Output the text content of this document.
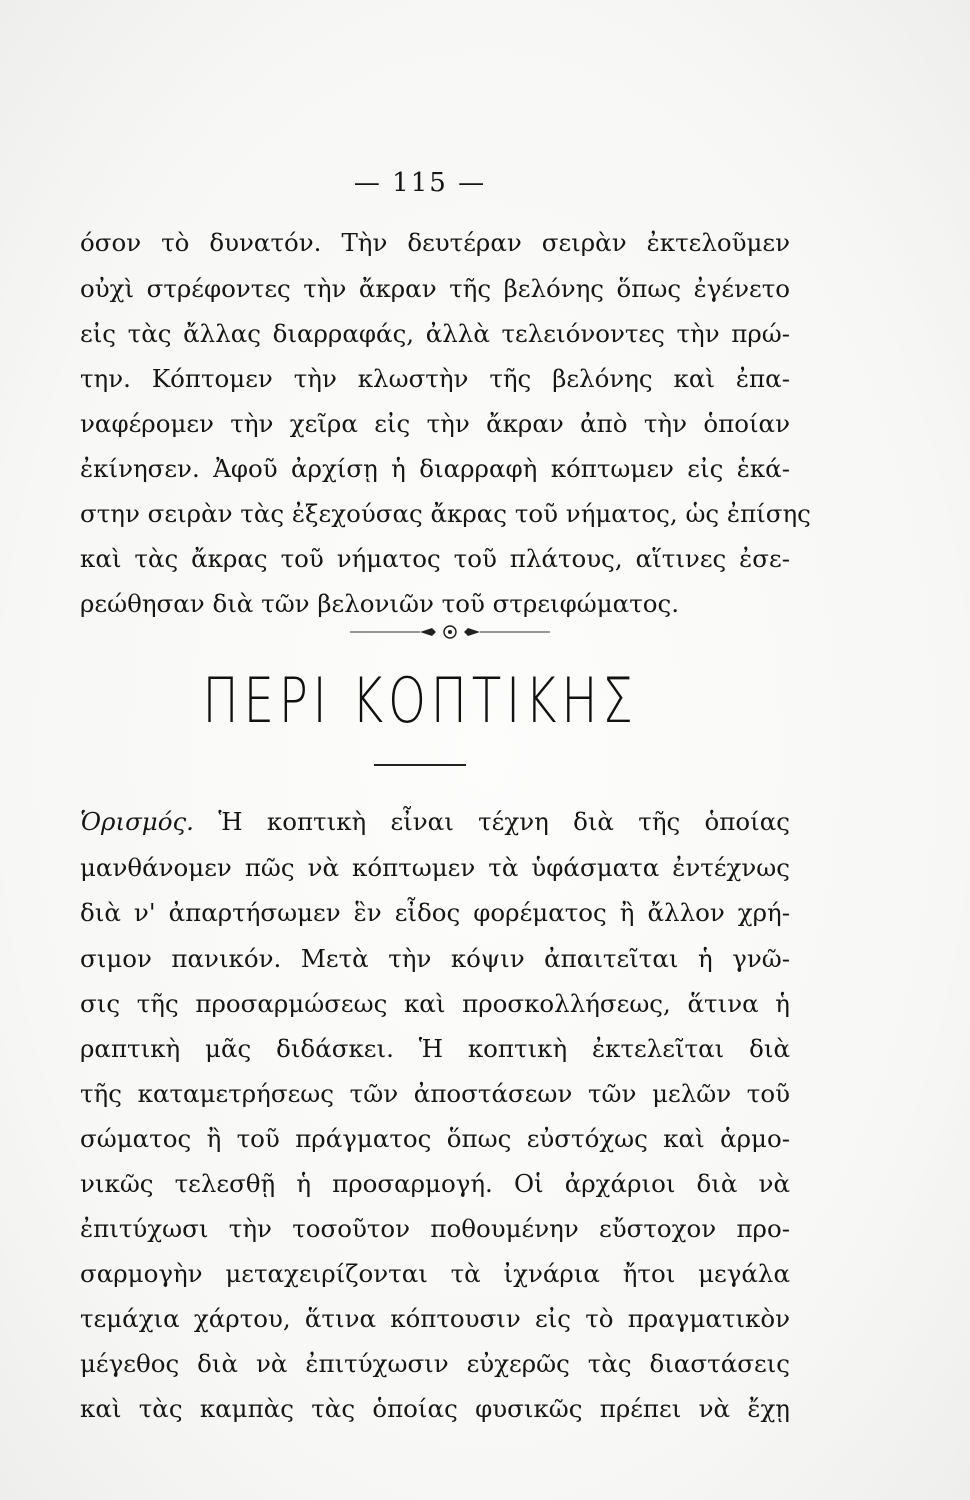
— 115 —
όσον τὸ δυνατόν. Τὴν δευτέραν σειρὰν ἐκτελοῦμεν
οὐχὶ στρέφοντες τὴν ἄκραν τῆς βελόνης ὅπως ἐγένετο
εἰς τὰς ἄλλας διαρραφάς, ἀλλὰ τελειόνοντες τὴν πρώ-
την. Κόπτομεν τὴν κλωστὴν τῆς βελόνης καὶ ἐπα-
ναφέρομεν τὴν χεῖρα εἰς τὴν ἄκραν ἀπὸ τὴν ὁποίαν
ἐκίνησεν. Ἀφοῦ ἀρχίσῃ ἡ διαρραφὴ κόπτωμεν εἰς ἑκά-
στην σειρὰν τὰς ἐξεχούσας ἄκρας τοῦ νήματος, ὡς ἐπίσης
καὶ τὰς ἄκρας τοῦ νήματος τοῦ πλάτους, αἵτινες ἐσε-
ρεώθησαν διὰ τῶν βελονιῶν τοῦ στρειφώματος.
ΠΕΡΙ ΚΟΠΤΙΚΗΣ
Ὁρισμός. Ἡ κοπτικὴ εἶναι τέχνη διὰ τῆς ὁποίας
μανθάνομεν πῶς νὰ κόπτωμεν τὰ ὑφάσματα ἐντέχνως
διὰ ν' ἀπαρτήσωμεν ἓν εἶδος φορέματος ἢ ἄλλον χρή-
σιμον πανικόν. Μετὰ τὴν κόψιν ἀπαιτεῖται ἡ γνῶ-
σις τῆς προσαρμώσεως καὶ προσκολλήσεως, ἅτινα ἡ
ραπτικὴ μᾶς διδάσκει. Ἡ κοπτικὴ ἐκτελεῖται διὰ
τῆς καταμετρήσεως τῶν ἀποστάσεων τῶν μελῶν τοῦ
σώματος ἢ τοῦ πράγματος ὅπως εὐστόχως καὶ ἁρμο-
νικῶς τελεσθῇ ἡ προσαρμογή. Οἱ ἀρχάριοι διὰ νὰ
ἐπιτύχωσι τὴν τοσοῦτον ποθουμένην εὔστοχον προ-
σαρμογὴν μεταχειρίζονται τὰ ἰχνάρια ἤτοι μεγάλα
τεμάχια χάρτου, ἅτινα κόπτουσιν εἰς τὸ πραγματικὸν
μέγεθος διὰ νὰ ἐπιτύχωσιν εὐχερῶς τὰς διαστάσεις
καὶ τὰς καμπὰς τὰς ὁποίας φυσικῶς πρέπει νὰ ἔχῃ
